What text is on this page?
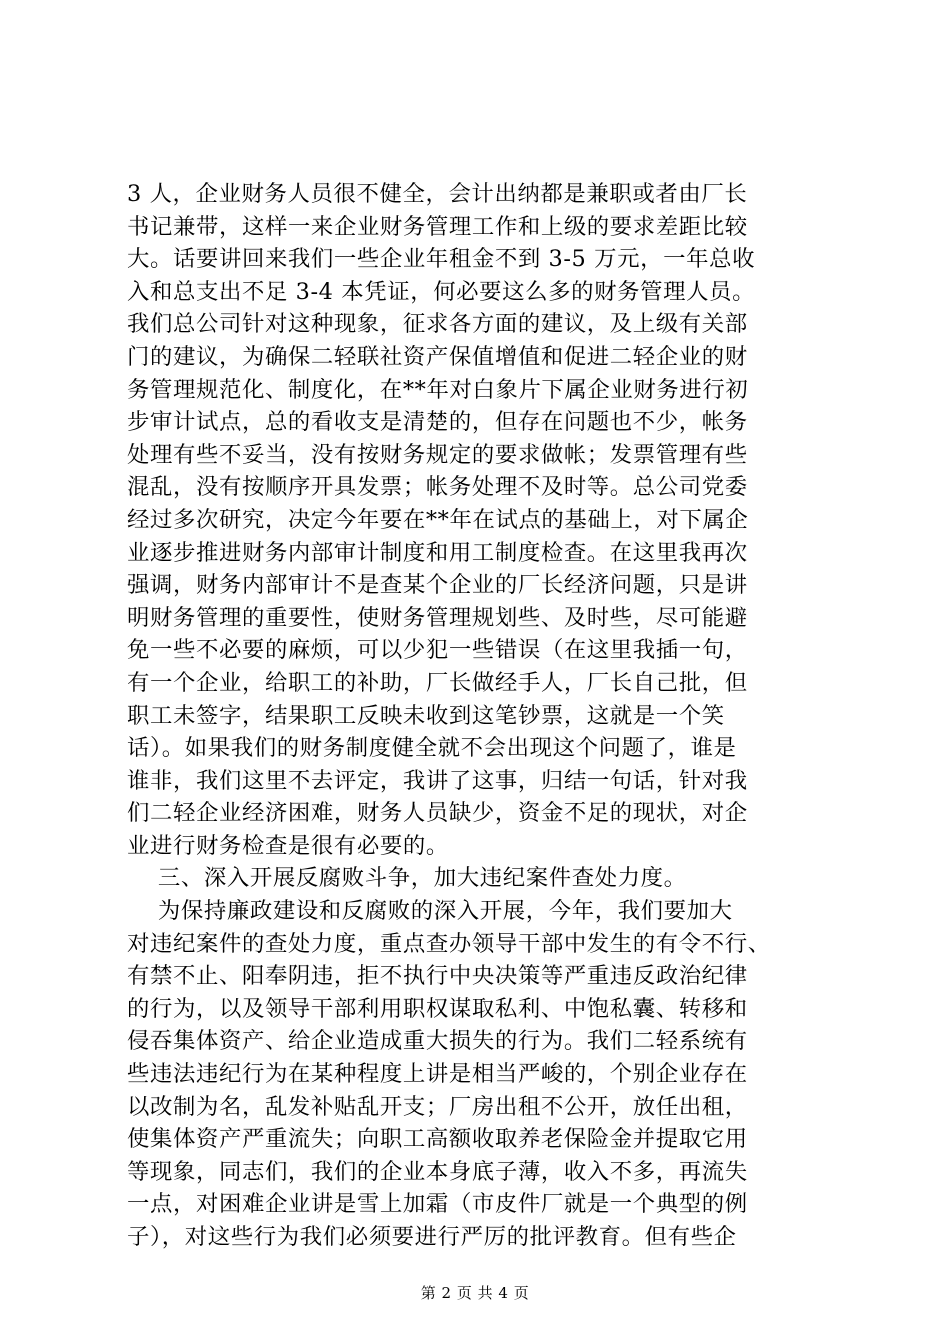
3 人，企业财务人员很不健全，会计出纳都是兼职或者由厂长
书记兼带，这样一来企业财务管理工作和上级的要求差距比较
大。话要讲回来我们一些企业年租金不到 3-5 万元，一年总收
入和总支出不足 3-4 本凭证，何必要这么多的财务管理人员。
我们总公司针对这种现象，征求各方面的建议，及上级有关部
门的建议，为确保二轻联社资产保值增值和促进二轻企业的财
务管理规范化、制度化，在**年对白象片下属企业财务进行初
步审计试点，总的看收支是清楚的，但存在问题也不少，帐务
处理有些不妥当，没有按财务规定的要求做帐；发票管理有些
混乱，没有按顺序开具发票；帐务处理不及时等。总公司党委
经过多次研究，决定今年要在**年在试点的基础上，对下属企
业逐步推进财务内部审计制度和用工制度检查。在这里我再次
强调，财务内部审计不是查某个企业的厂长经济问题，只是讲
明财务管理的重要性，使财务管理规划些、及时些，尽可能避
免一些不必要的麻烦，可以少犯一些错误（在这里我插一句，
有一个企业，给职工的补助，厂长做经手人，厂长自己批，但
职工未签字，结果职工反映未收到这笔钞票，这就是一个笑
话）。如果我们的财务制度健全就不会出现这个问题了，谁是
谁非，我们这里不去评定，我讲了这事，归结一句话，针对我
们二轻企业经济困难，财务人员缺少，资金不足的现状，对企
业进行财务检查是很有必要的。
三、深入开展反腐败斗争，加大违纪案件查处力度。
为保持廉政建设和反腐败的深入开展，今年，我们要加大
对违纪案件的查处力度，重点查办领导干部中发生的有令不行、
有禁不止、阳奉阴违，拒不执行中央决策等严重违反政治纪律
的行为，以及领导干部利用职权谋取私利、中饱私囊、转移和
侵吞集体资产、给企业造成重大损失的行为。我们二轻系统有
些违法违纪行为在某种程度上讲是相当严峻的，个别企业存在
以改制为名，乱发补贴乱开支；厂房出租不公开，放任出租，
使集体资产严重流失；向职工高额收取养老保险金并提取它用
等现象，同志们，我们的企业本身底子薄，收入不多，再流失
一点，对困难企业讲是雪上加霜（市皮件厂就是一个典型的例
子），对这些行为我们必须要进行严厉的批评教育。但有些企
第 2 页 共 4 页
